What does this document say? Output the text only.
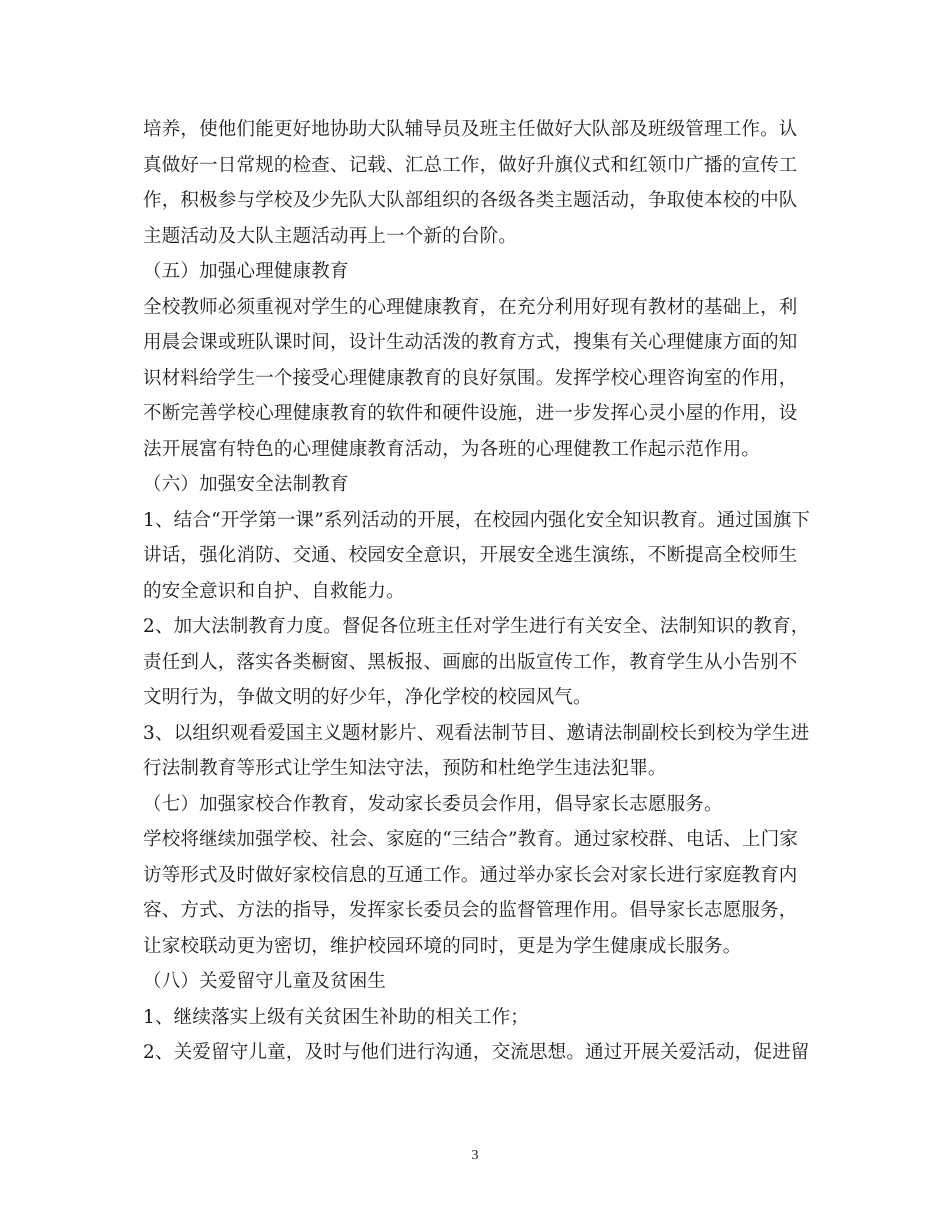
培养，使他们能更好地协助大队辅导员及班主任做好大队部及班级管理工作。认
真做好一日常规的检查、记载、汇总工作，做好升旗仪式和红领巾广播的宣传工
作，积极参与学校及少先队大队部组织的各级各类主题活动，争取使本校的中队
主题活动及大队主题活动再上一个新的台阶。
（五）加强心理健康教育
全校教师必须重视对学生的心理健康教育，在充分利用好现有教材的基础上，利
用晨会课或班队课时间，设计生动活泼的教育方式，搜集有关心理健康方面的知
识材料给学生一个接受心理健康教育的良好氛围。发挥学校心理咨询室的作用，
不断完善学校心理健康教育的软件和硬件设施，进一步发挥心灵小屋的作用，设
法开展富有特色的心理健康教育活动，为各班的心理健教工作起示范作用。
（六）加强安全法制教育
1、结合“开学第一课”系列活动的开展，在校园内强化安全知识教育。通过国旗下
讲话，强化消防、交通、校园安全意识，开展安全逃生演练，不断提高全校师生
的安全意识和自护、自救能力。
2、加大法制教育力度。督促各位班主任对学生进行有关安全、法制知识的教育，
责任到人，落实各类橱窗、黑板报、画廊的出版宣传工作，教育学生从小告别不
文明行为，争做文明的好少年，净化学校的校园风气。
3、以组织观看爱国主义题材影片、观看法制节目、邀请法制副校长到校为学生进
行法制教育等形式让学生知法守法，预防和杜绝学生违法犯罪。
（七）加强家校合作教育，发动家长委员会作用，倡导家长志愿服务。
学校将继续加强学校、社会、家庭的“三结合”教育。通过家校群、电话、上门家
访等形式及时做好家校信息的互通工作。通过举办家长会对家长进行家庭教育内
容、方式、方法的指导，发挥家长委员会的监督管理作用。倡导家长志愿服务，
让家校联动更为密切，维护校园环境的同时，更是为学生健康成长服务。
（八）关爱留守儿童及贫困生
1、继续落实上级有关贫困生补助的相关工作；
2、关爱留守儿童，及时与他们进行沟通，交流思想。通过开展关爱活动，促进留
3
